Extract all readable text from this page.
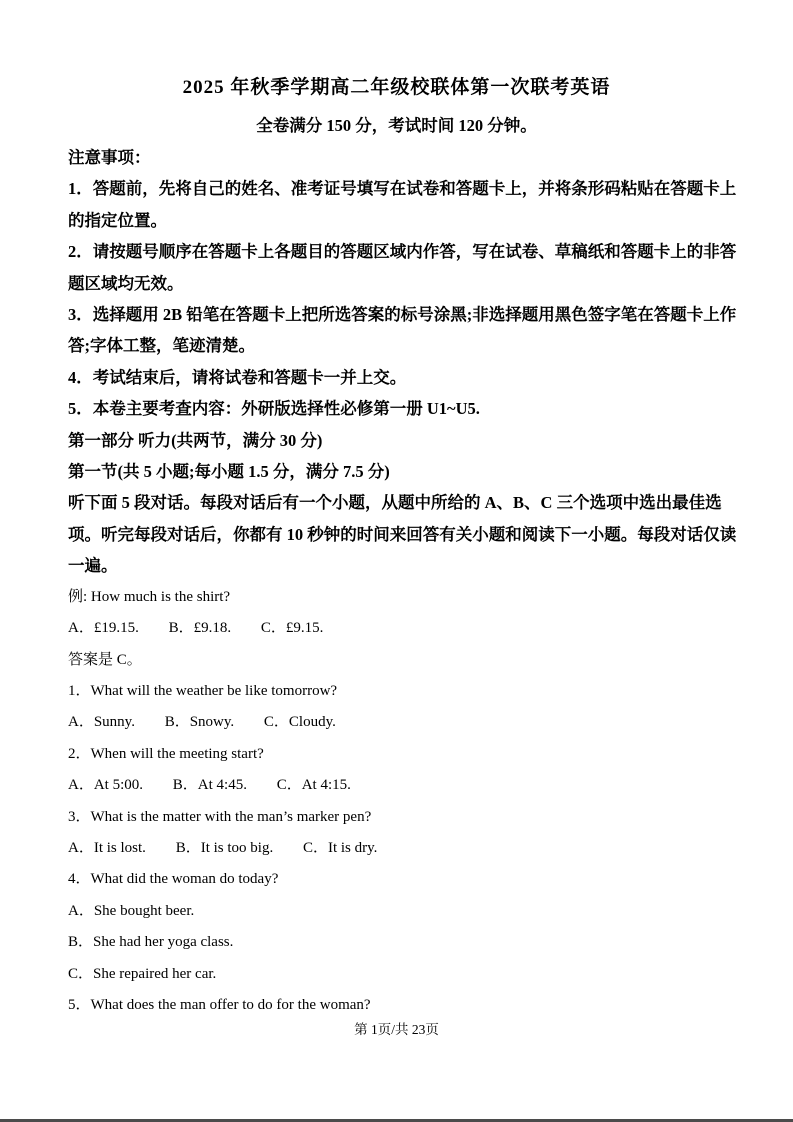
2025 年秋季学期高二年级校联体第一次联考英语
全卷满分 150 分，考试时间 120 分钟。
注意事项：
1．答题前，先将自己的姓名、准考证号填写在试卷和答题卡上，并将条形码粘贴在答题卡上
的指定位置。
2．请按题号顺序在答题卡上各题目的答题区域内作答，写在试卷、草稿纸和答题卡上的非答
题区域均无效。
3．选择题用 2B 铅笔在答题卡上把所选答案的标号涂黑;非选择题用黑色签字笔在答题卡上作
答;字体工整，笔迹清楚。
4．考试结束后，请将试卷和答题卡一并上交。
5．本卷主要考查内容：外研版选择性必修第一册 U1~U5.
第一部分 听力(共两节，满分 30 分)
第一节(共 5 小题;每小题 1.5 分，满分 7.5 分)
听下面 5 段对话。每段对话后有一个小题，从题中所给的 A、B、C 三个选项中选出最佳选
项。听完每段对话后，你都有 10 秒钟的时间来回答有关小题和阅读下一小题。每段对话仅读
一遍。
例: How much is the shirt?
A．£19.15. B．£9.18. C．£9.15.
答案是 C。
1．What will the weather be like tomorrow?
A．Sunny. B．Snowy. C．Cloudy.
2．When will the meeting start?
A．At 5:00. B．At 4:45. C．At 4:15.
3．What is the matter with the man’s marker pen?
A．It is lost. B．It is too big. C．It is dry.
4．What did the woman do today?
A．She bought beer.
B．She had her yoga class.
C．She repaired her car.
5．What does the man offer to do for the woman?
第 1页/共 23页
